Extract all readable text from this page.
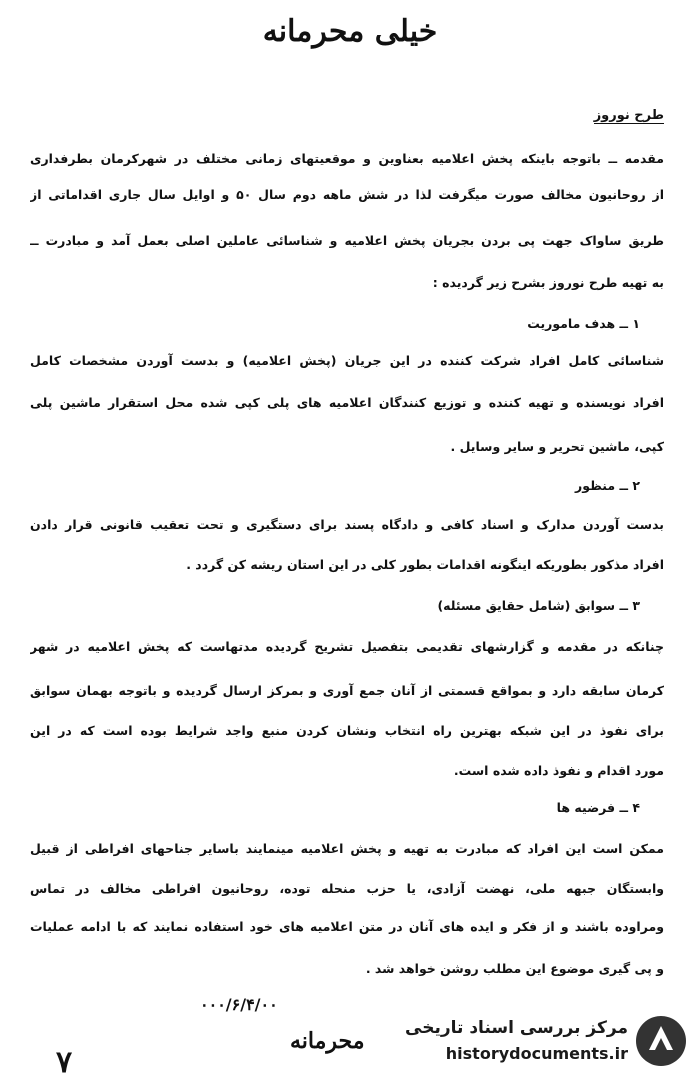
خیلی محرمانه
طرح نوروز
مقدمه ــ باتوجه باینکه پخش اعلامیه بعناوین و موقعیتهای زمانی مختلف در شهرکرمان بطرفداری
از روحانیون مخالف صورت میگرفت لذا در شش ماهه دوم سال ۵۰ و اوایل سال جاری اقداماتی از
طریق ساواک جهت پی بردن بجریان پخش اعلامیه و شناسائی عاملین اصلی بعمل آمد و مبادرت ــ
به تهیه طرح نوروز بشرح زیر گردیده :
۱ ــ هدف ماموریت
شناسائی کامل افراد شرکت کننده در این جریان (پخش اعلامیه) و بدست آوردن مشخصات کامل
افراد نویسنده و تهیه کننده و توزیع کنندگان اعلامیه های پلی کپی شده محل استقرار ماشین پلی
کپی، ماشین تحریر و سایر وسایل .
۲ ــ منظور
بدست آوردن مدارک و اسناد کافی و دادگاه پسند برای دستگیری و تحت تعقیب قانونی قرار دادن
افراد مذکور بطوریکه اینگونه اقدامات بطور کلی در این استان ریشه کن گردد .
۳ ــ سوابق (شامل حقایق مسئله)
چنانکه در مقدمه و گزارشهای تقدیمی بتفصیل تشریح گردیده مدتهاست که پخش اعلامیه در شهر
کرمان سابقه دارد و بمواقع قسمتی از آنان جمع آوری و بمرکز ارسال گردیده و باتوجه بهمان سوابق
برای نفوذ در این شبکه بهترین راه انتخاب ونشان کردن منبع واجد شرایط بوده است که در این
مورد اقدام و نفوذ داده شده است.
۴ ــ فرضیه ها
ممکن است این افراد که مبادرت به تهیه و پخش اعلامیه مینمایند باسایر جناحهای افراطی از قبیل
وابستگان جبهه ملی، نهضت آزادی، یا حزب منحله توده، روحانیون افراطی مخالف در تماس
ومراوده باشند و از فکر و ایده های آنان در متن اعلامیه های خود استفاده نمایند که با ادامه عملیات
و پی گیری موضوع این مطلب روشن خواهد شد .
۰۰۰/۶/۴/۰۰
محرمانه
۷
مرکز بررسی اسناد تاریخی
historydocuments.ir
